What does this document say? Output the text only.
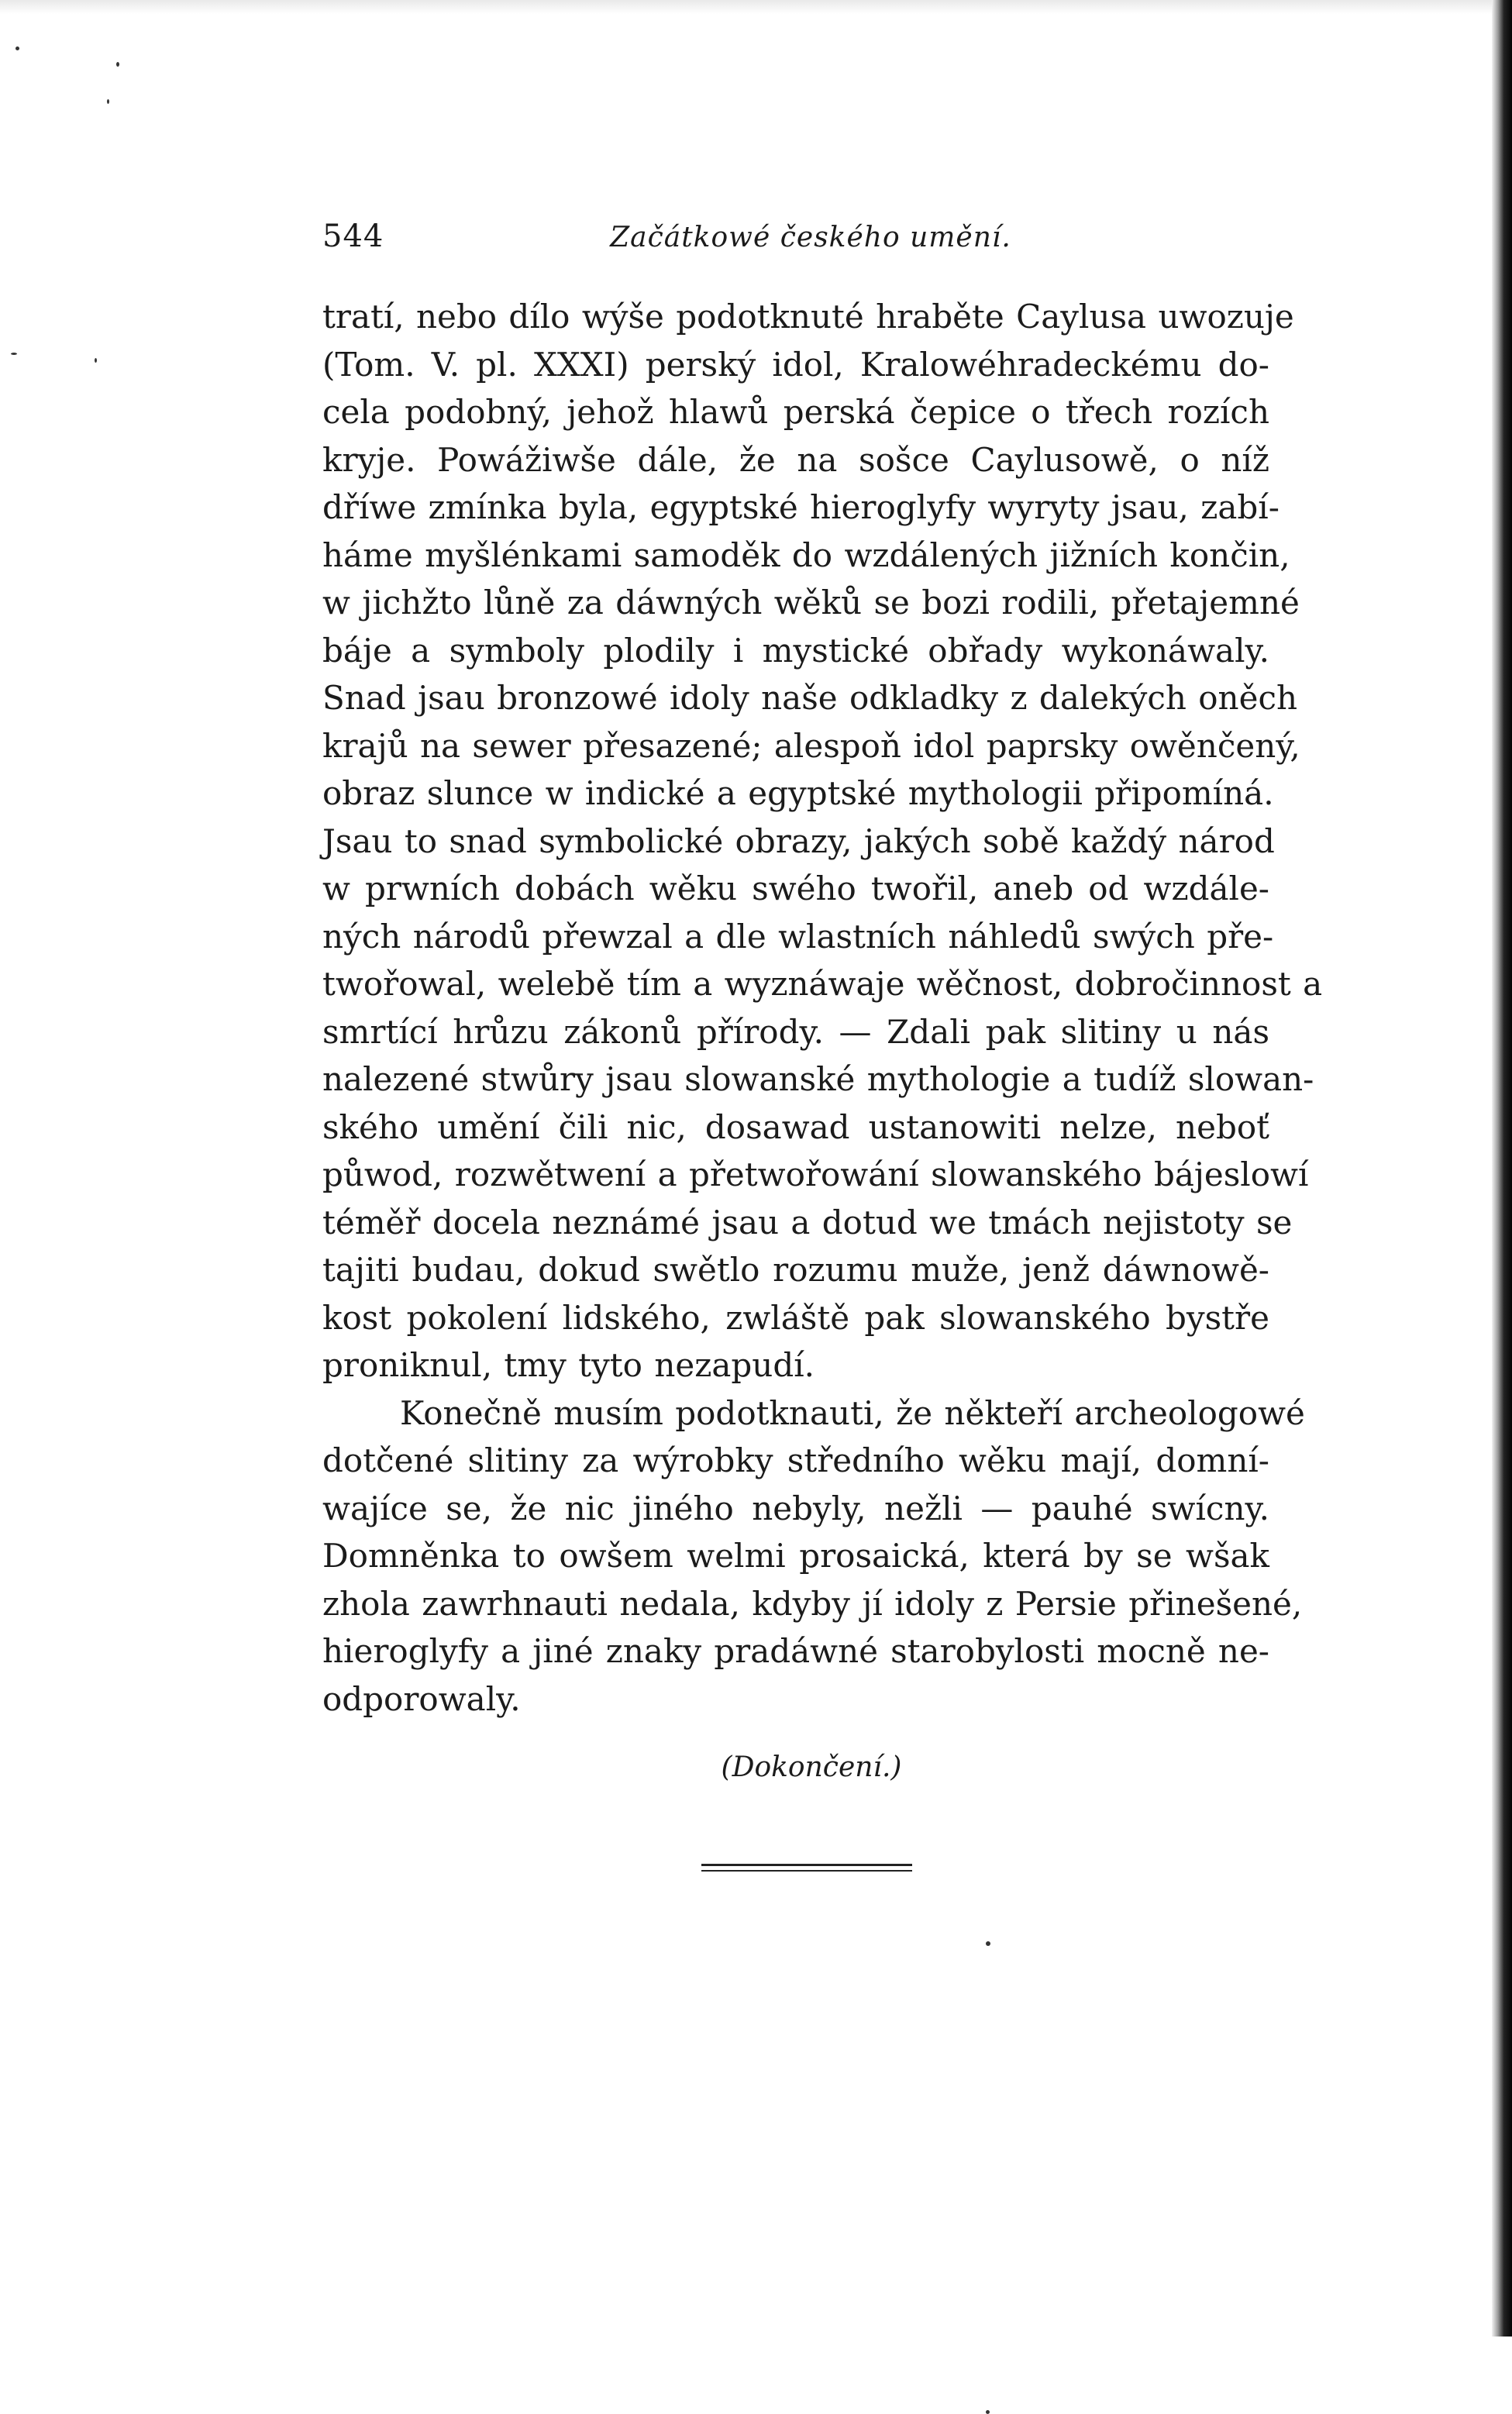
544	Začátkowé českého umění.
tratí, nebo dílo wýše podotknuté hraběte Caylusa uwozuje
(Tom. V. pl. XXXI) perský idol, Kralowéhradeckému do-
cela podobný, jehož hlawů perská čepice o třech rozích
kryje. Powážiwše dále, že na sošce Caylusowě, o níž
dříwe zmínka byla, egyptské hieroglyfy wyryty jsau, zabí-
háme myšlénkami samoděk do wzdálených jižních končin,
w jichžto lůně za dáwných wěků se bozi rodili, přetajemné
báje a symboly plodily i mystické obřady wykonáwaly.
Snad jsau bronzowé idoly naše odkladky z dalekých oněch
krajů na sewer přesazené; alespoň idol paprsky owěnčený,
obraz slunce w indické a egyptské mythologii připomíná.
Jsau to snad symbolické obrazy, jakých sobě každý národ
w prwních dobách wěku swého twořil, aneb od wzdále-
ných národů přewzal a dle wlastních náhledů swých pře-
twořowal, welebě tím a wyznáwaje wěčnost, dobročinnost a
smrtící hrůzu zákonů přírody. — Zdali pak slitiny u nás
nalezené stwůry jsau slowanské mythologie a tudíž slowan-
ského umění čili nic, dosawad ustanowiti nelze, neboť
půwod, rozwětwení a přetwořowání slowanského bájeslowí
téměř docela neznámé jsau a dotud we tmách nejistoty se
tajiti budau, dokud swětlo rozumu muže, jenž dáwnowě-
kost pokolení lidského, zwláště pak slowanského bystře
proniknul, tmy tyto nezapudí.
Konečně musím podotknauti, že někteří archeologowé
dotčené slitiny za wýrobky středního wěku mají, domní-
wajíce se, že nic jiného nebyly, nežli — pauhé swícny.
Domněnka to owšem welmi prosaická, která by se wšak
zhola zawrhnauti nedala, kdyby jí idoly z Persie přinešené,
hieroglyfy a jiné znaky pradáwné starobylosti mocně ne-
odporowaly.
(Dokončení.)
